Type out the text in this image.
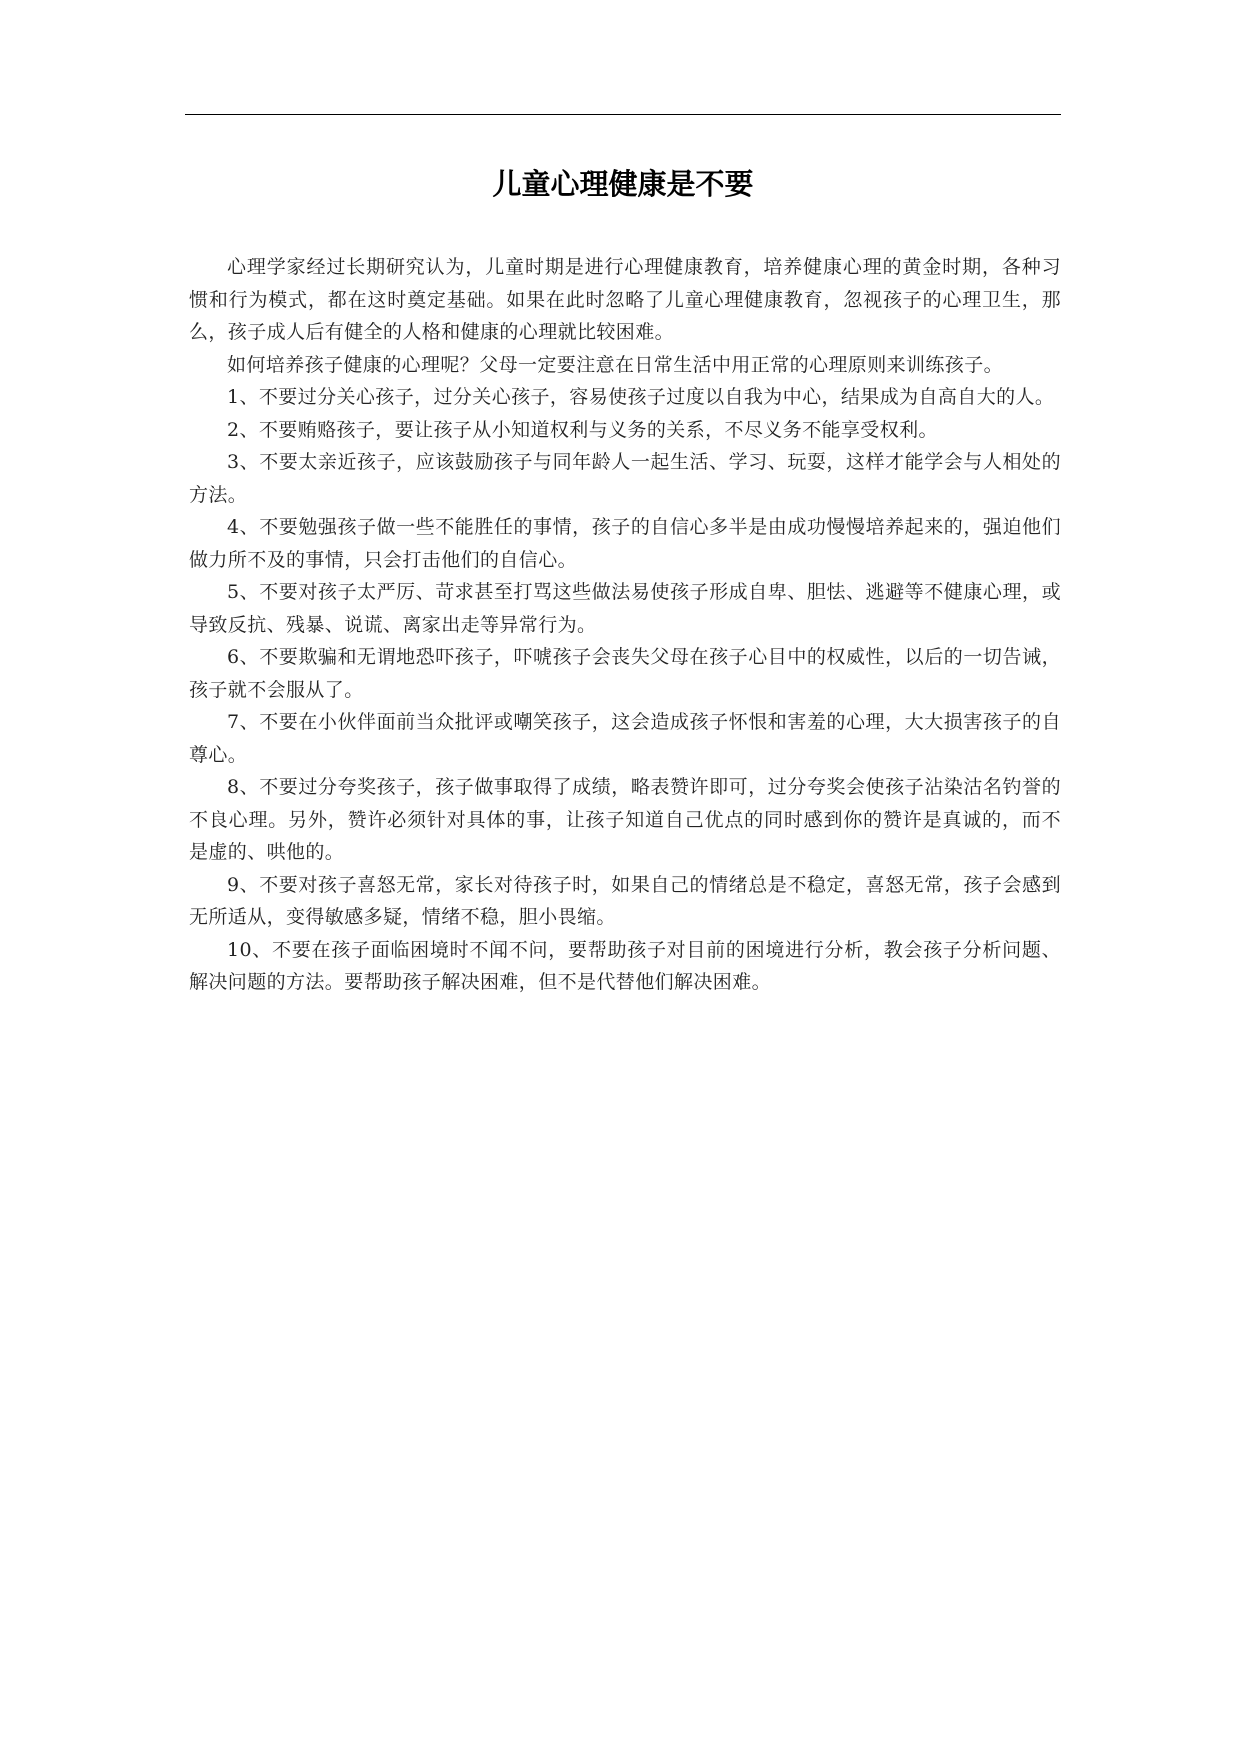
儿童心理健康是不要

心理学家经过长期研究认为，儿童时期是进行心理健康教育，培养健康心理的黄金时期，各种习惯和行为模式，都在这时奠定基础。如果在此时忽略了儿童心理健康教育，忽视孩子的心理卫生，那么，孩子成人后有健全的人格和健康的心理就比较困难。

如何培养孩子健康的心理呢？父母一定要注意在日常生活中用正常的心理原则来训练孩子。

1、不要过分关心孩子，过分关心孩子，容易使孩子过度以自我为中心，结果成为自高自大的人。

2、不要贿赂孩子，要让孩子从小知道权利与义务的关系，不尽义务不能享受权利。

3、不要太亲近孩子，应该鼓励孩子与同年龄人一起生活、学习、玩耍，这样才能学会与人相处的方法。

4、不要勉强孩子做一些不能胜任的事情，孩子的自信心多半是由成功慢慢培养起来的，强迫他们做力所不及的事情，只会打击他们的自信心。

5、不要对孩子太严厉、苛求甚至打骂这些做法易使孩子形成自卑、胆怯、逃避等不健康心理，或导致反抗、残暴、说谎、离家出走等异常行为。

6、不要欺骗和无谓地恐吓孩子，吓唬孩子会丧失父母在孩子心目中的权威性，以后的一切告诫，孩子就不会服从了。

7、不要在小伙伴面前当众批评或嘲笑孩子，这会造成孩子怀恨和害羞的心理，大大损害孩子的自尊心。

8、不要过分夸奖孩子，孩子做事取得了成绩，略表赞许即可，过分夸奖会使孩子沾染沽名钓誉的不良心理。另外，赞许必须针对具体的事，让孩子知道自己优点的同时感到你的赞许是真诚的，而不是虚的、哄他的。

9、不要对孩子喜怒无常，家长对待孩子时，如果自己的情绪总是不稳定，喜怒无常，孩子会感到无所适从，变得敏感多疑，情绪不稳，胆小畏缩。

10、不要在孩子面临困境时不闻不问，要帮助孩子对目前的困境进行分析，教会孩子分析问题、解决问题的方法。要帮助孩子解决困难，但不是代替他们解决困难。
